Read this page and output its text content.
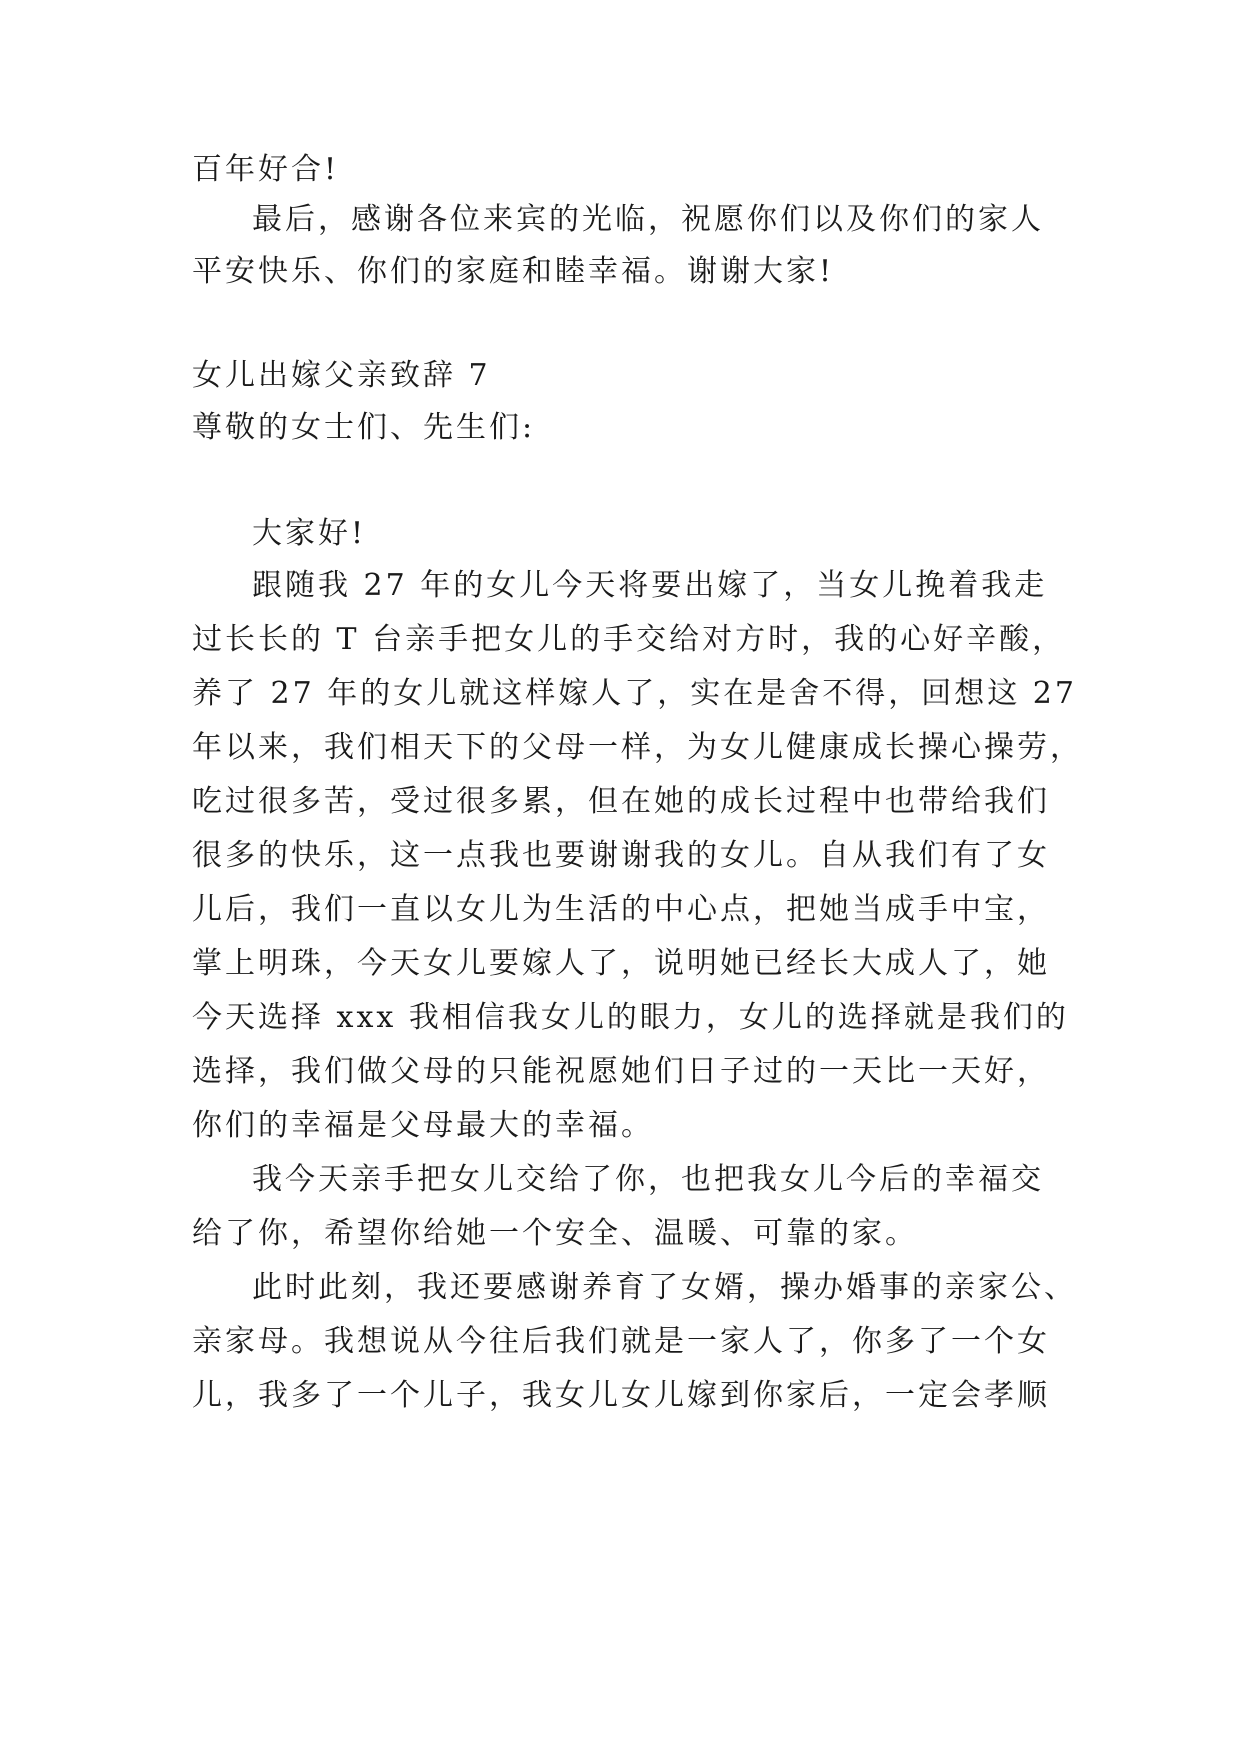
百年好合!
最后，感谢各位来宾的光临，祝愿你们以及你们的家人
平安快乐、你们的家庭和睦幸福。谢谢大家!
女儿出嫁父亲致辞 7
尊敬的女士们、先生们:
大家好!
跟随我 27 年的女儿今天将要出嫁了，当女儿挽着我走
过长长的 T 台亲手把女儿的手交给对方时，我的心好辛酸，
养了 27 年的女儿就这样嫁人了，实在是舍不得，回想这 27
年以来，我们相天下的父母一样，为女儿健康成长操心操劳，
吃过很多苦，受过很多累，但在她的成长过程中也带给我们
很多的快乐，这一点我也要谢谢我的女儿。自从我们有了女
儿后，我们一直以女儿为生活的中心点，把她当成手中宝，
掌上明珠，今天女儿要嫁人了，说明她已经长大成人了，她
今天选择 xxx 我相信我女儿的眼力，女儿的选择就是我们的
选择，我们做父母的只能祝愿她们日子过的一天比一天好，
你们的幸福是父母最大的幸福。
我今天亲手把女儿交给了你，也把我女儿今后的幸福交
给了你，希望你给她一个安全、温暖、可靠的家。
此时此刻，我还要感谢养育了女婿，操办婚事的亲家公、
亲家母。我想说从今往后我们就是一家人了，你多了一个女
儿，我多了一个儿子，我女儿女儿嫁到你家后，一定会孝顺
